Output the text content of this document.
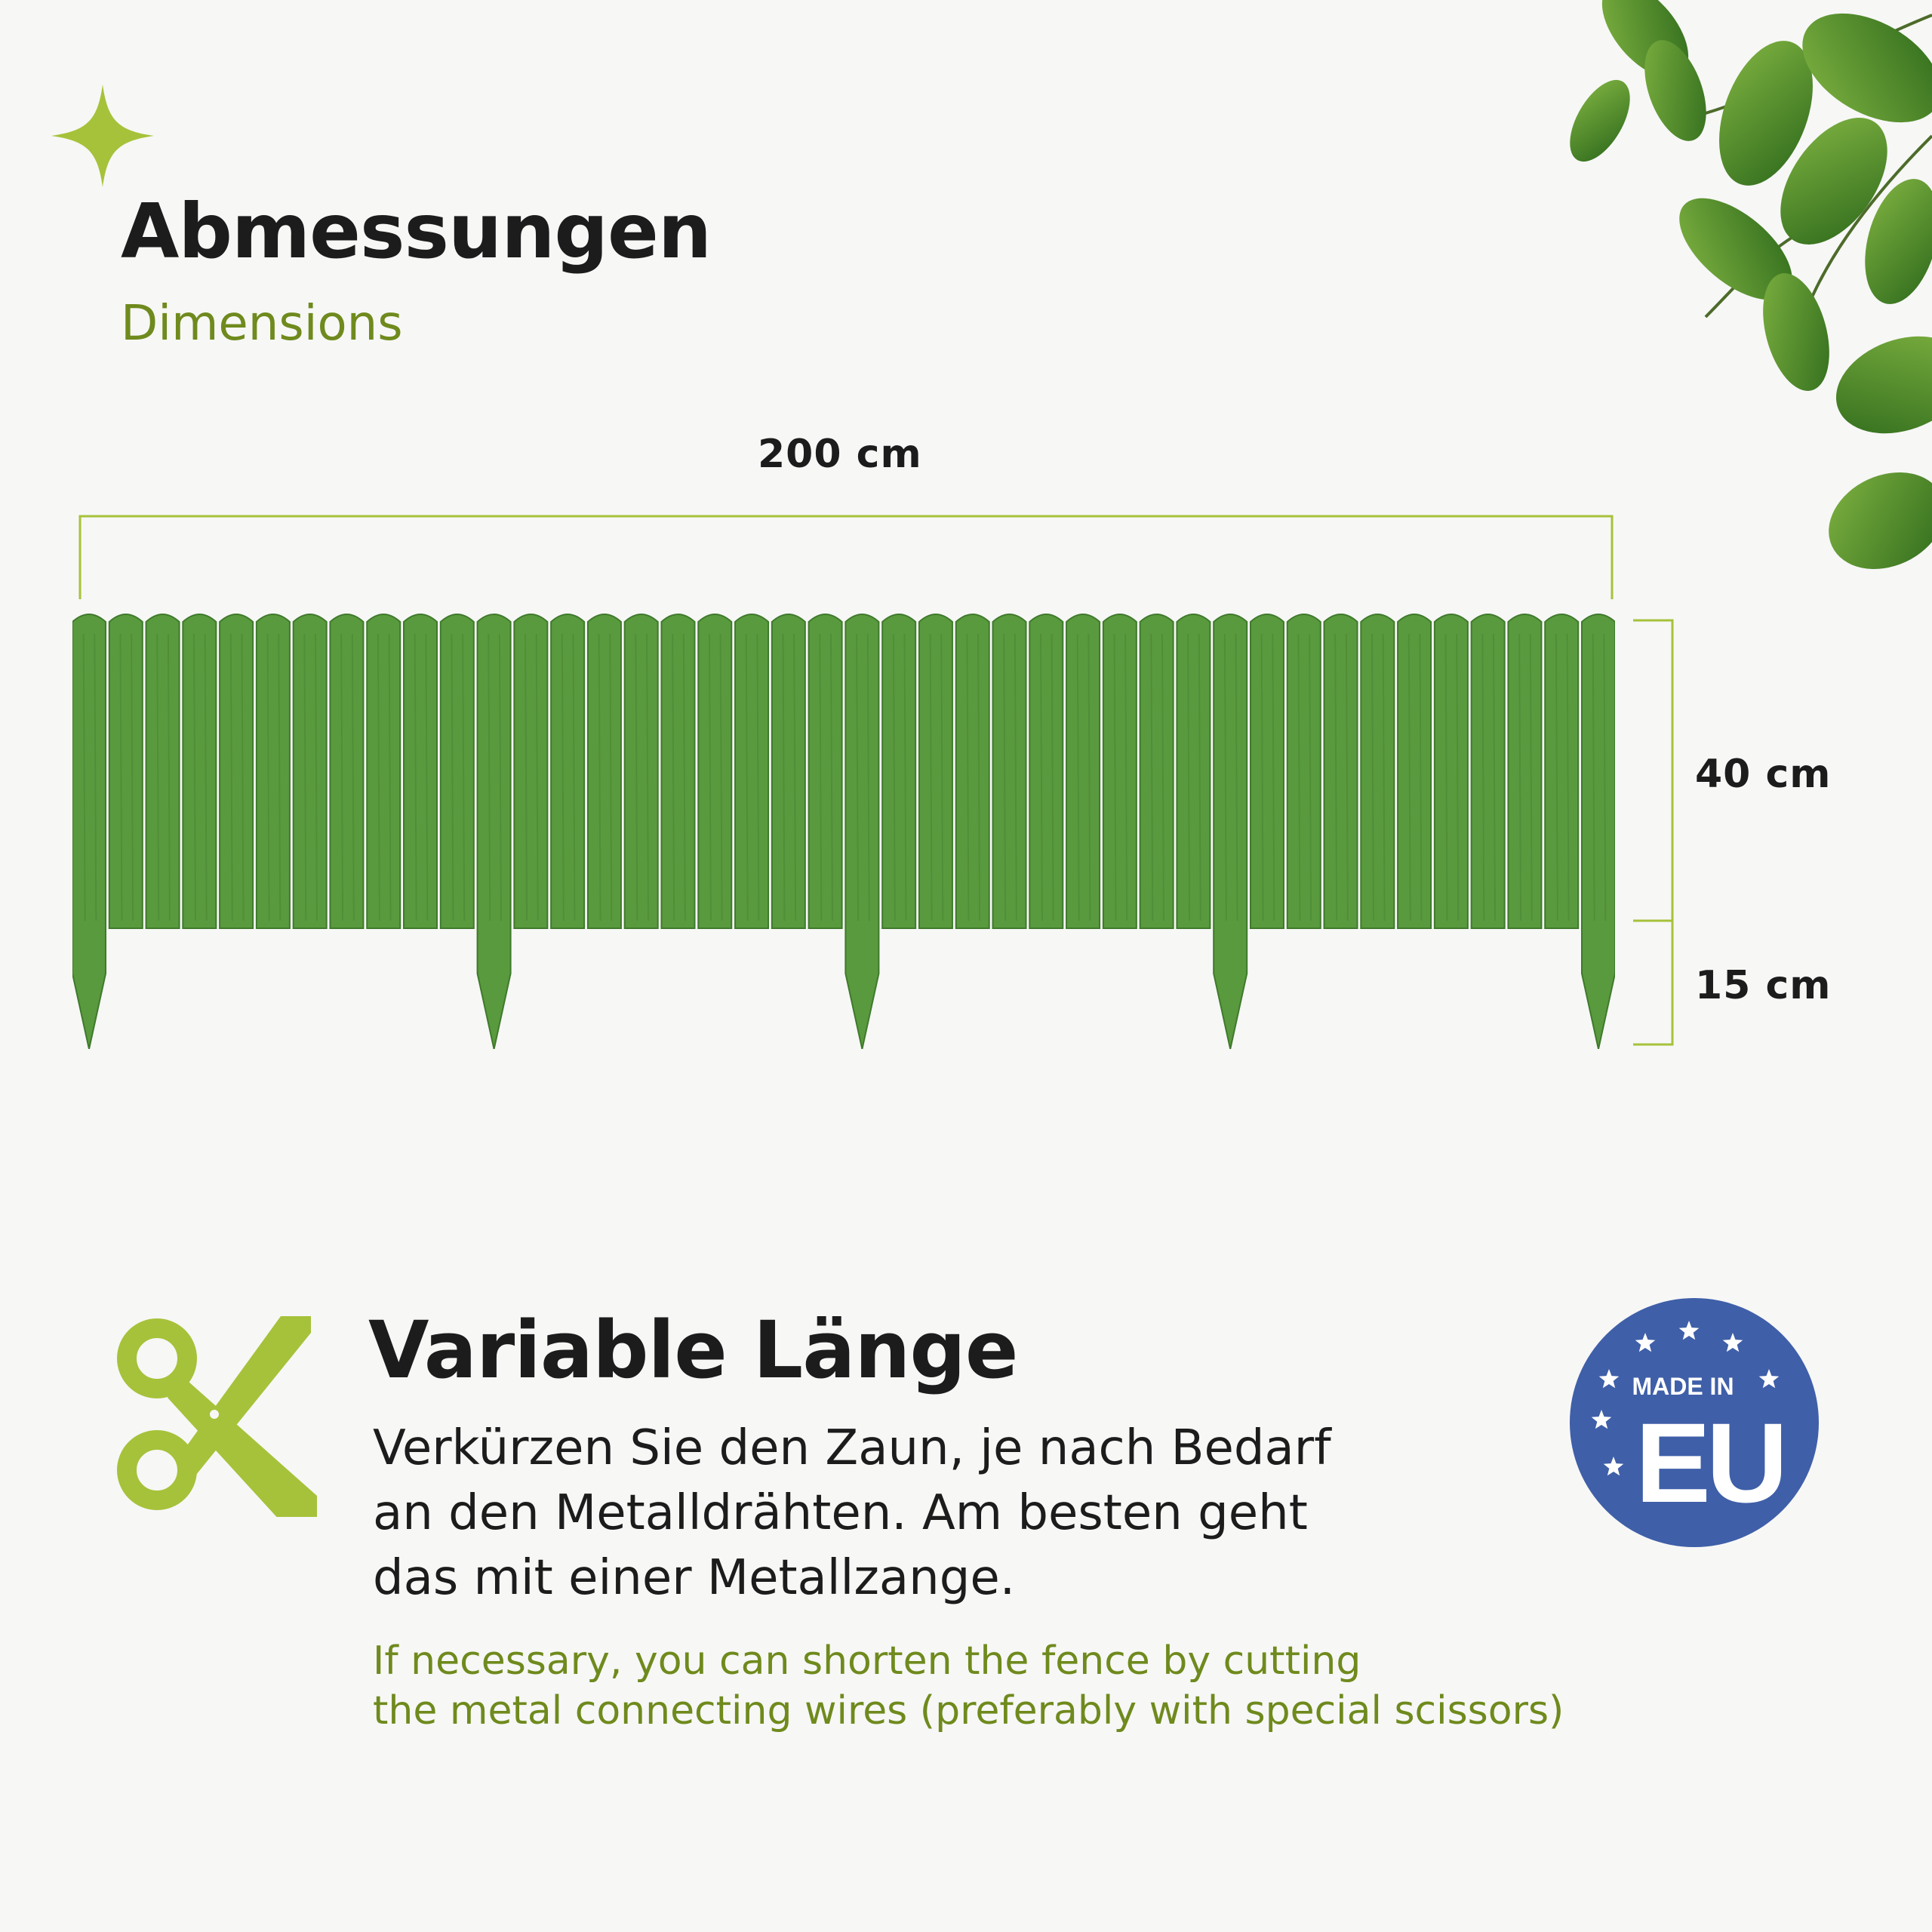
Abmessungen
Dimensions
200 cm
40 cm
15 cm
Variable Länge
Verkürzen Sie den Zaun, je nach Bedarf
an den Metalldrähten. Am besten geht
das mit einer Metallzange.
If necessary, you can shorten the fence by cutting
the metal connecting wires (preferably with special scissors)
MADE IN
EU
